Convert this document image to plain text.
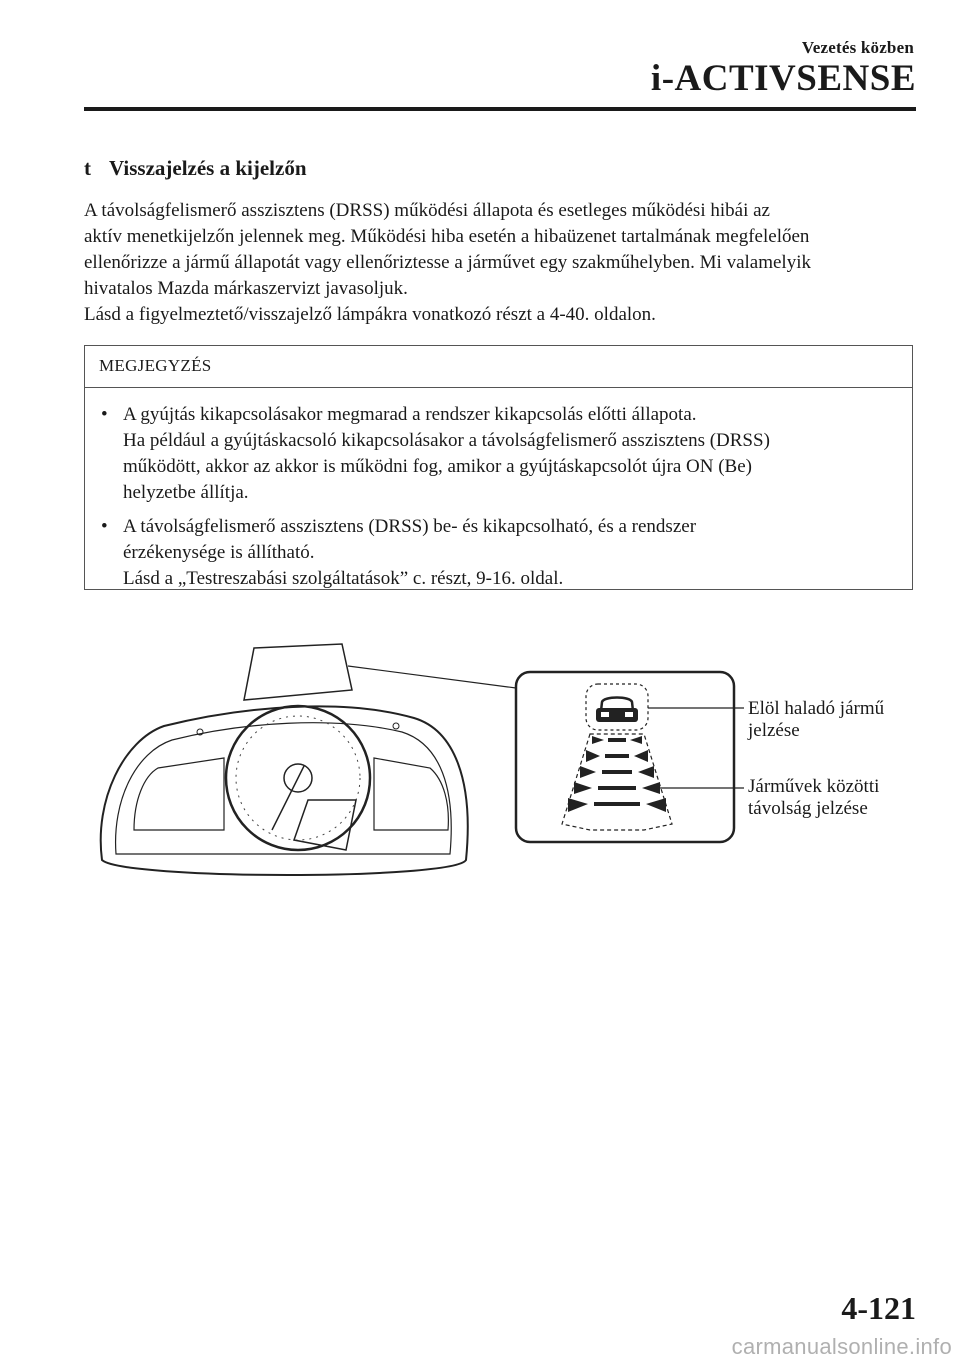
Vezetés közben
i-ACTIVSENSE
t Visszajelzés a kijelzőn

A távolságfelismerő asszisztens (DRSS) működési állapota és esetleges működési hibái az

aktív menetkijelzőn jelennek meg. Működési hiba esetén a hibaüzenet tartalmának megfelelően

ellenőrizze a jármű állapotát vagy ellenőriztesse a járművet egy szakműhelyben. Mi valamelyik

hivatalos Mazda márkaszervizt javasoljuk.

Lásd a figyelmeztető/visszajelző lámpákra vonatkozó részt a 4-40. oldalon.

MEGJEGYZÉS
• A gyújtás kikapcsolásakor megmarad a rendszer kikapcsolás előtti állapota.
Ha például a gyújtáskacsoló kikapcsolásakor a távolságfelismerő asszisztens (DRSS)
működött, akkor az akkor is működni fog, amikor a gyújtáskapcsolót újra ON (Be)
helyzetbe állítja.
• A távolságfelismerő asszisztens (DRSS) be- és kikapcsolható, és a rendszer
érzékenysége is állítható.
Lásd a „Testreszabási szolgáltatások” c. részt, 9-16. oldal.
Elöl haladó jármű
jelzése
Járművek közötti
távolság jelzése
4-121
carmanualsonline.info
